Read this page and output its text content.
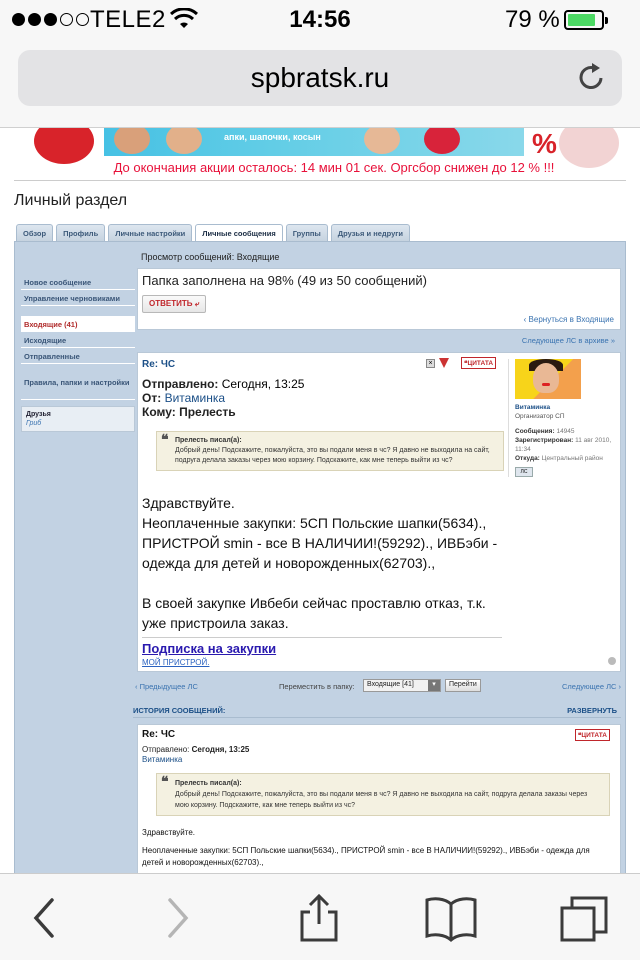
TELE2	14:56	79 %
spbratsk.ru
апки, шапочки, косын	%
До окончания акции осталось: 14 мин 01 сек. Оргсбор снижен до 12 % !!!
Личный раздел
Обзор	Профиль	Личные настройки	Личные сообщения	Группы	Друзья и недруги
Новое сообщение
Управление черновиками
Входящие (41)
Исходящие
Отправленные
Правила, папки и настройки
Друзья
Гриб
Просмотр сообщений: Входящие
Папка заполнена на 98% (49 из 50 сообщений)
ОТВЕТИТЬ ⤶
‹ Вернуться в Входящие
Следующее ЛС в архиве »
Re: ЧС	×	❝ЦИТАТА
Отправлено: Сегодня, 13:25
От: Витаминка
Кому: Прелесть
❝ Прелесть писал(а):
Добрый день! Подскажите, пожалуйста, это вы подали меня в чс? Я давно не выходила на сайт, подруга делала заказы через мою корзину. Подскажите, как мне теперь выйти из чс?

Здравствуйте.
Неоплаченные закупки: 5СП Польские шапки(5634)., ПРИСТРОЙ smin - все В НАЛИЧИИ!(59292)., ИВБэби - одежда для детей и новорожденных(62703).,

В своей закупке Ивбеби сейчас проставлю отказ, т.к. уже пристроила заказ.

Подписка на закупки
МОЙ ПРИСТРОЙ.
Витаминка
Организатор СП
Сообщения: 14945
Зарегистрирован: 11 авг 2010, 11:34
Откуда: Центральный район
ЛС
‹ Предыдущее ЛС	Переместить в папку:	Входящие [41]	▾	Перейти	Следующее ЛС ›
ИСТОРИЯ СООБЩЕНИЙ:	РАЗВЕРНУТЬ
Re: ЧС	❝ЦИТАТА
Отправлено: Сегодня, 13:25
Витаминка
❝ Прелесть писал(а):
Добрый день! Подскажите, пожалуйста, это вы подали меня в чс? Я давно не выходила на сайт, подруга делала заказы через мою корзину. Подскажите, как мне теперь выйти из чс?

Здравствуйте.

Неоплаченные закупки: 5СП Польские шапки(5634)., ПРИСТРОЙ smin - все В НАЛИЧИИ!(59292)., ИВБэби - одежда для детей и новорожденных(62703).,
